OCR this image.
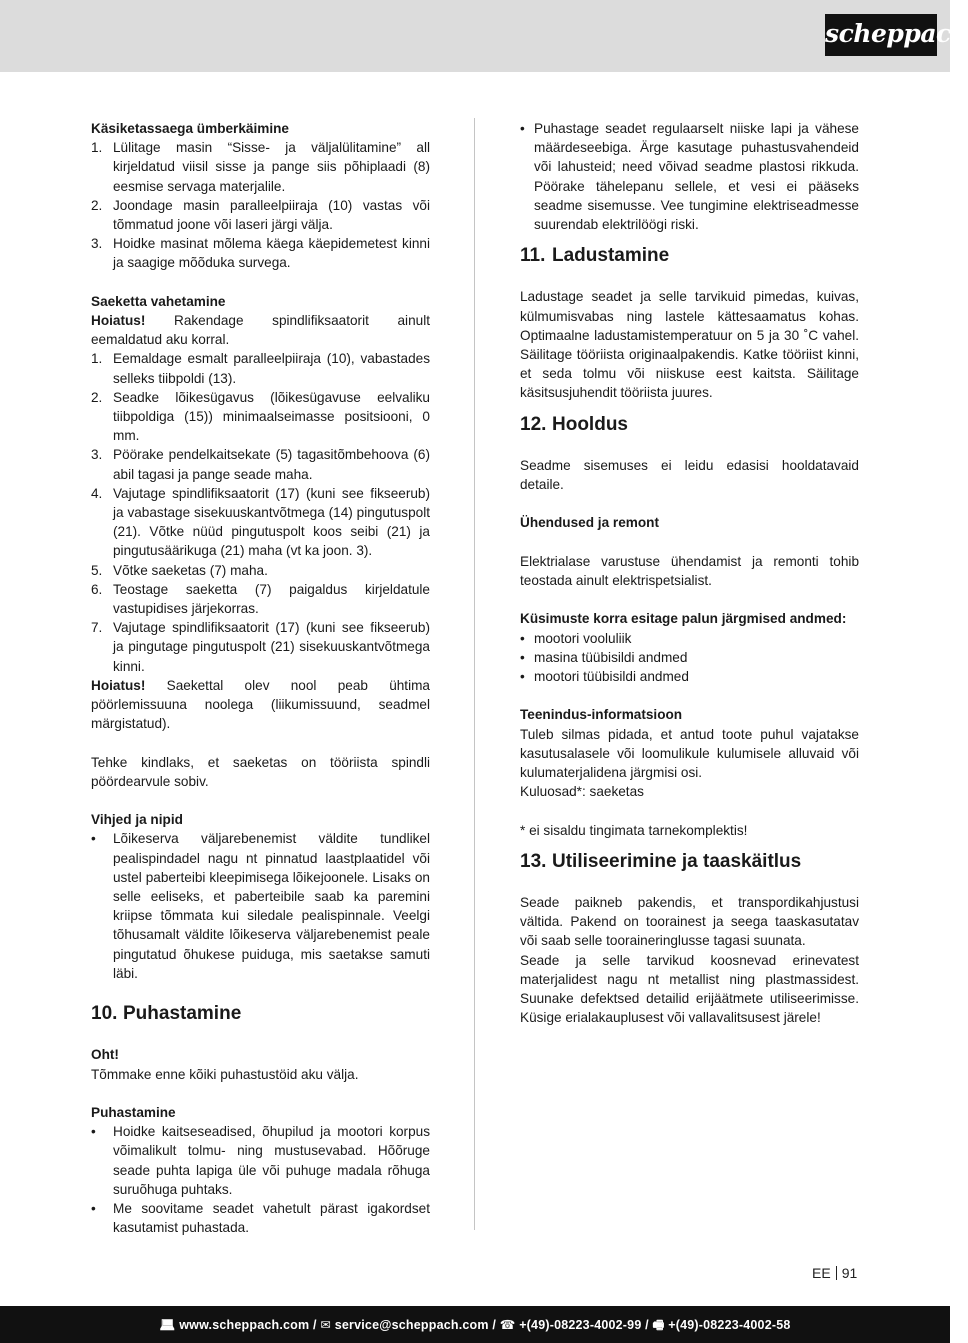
scheppach

Käsiketassaega ümberkäimine

1. Lülitage masin “Sisse- ja väljalülitamine” all kirjeldatud viisil sisse ja pange siis põhiplaadi (8) eesmise servaga materjalile.
2. Joondage masin paralleelpiiraja (10) vastas või tõmmatud joone või laseri järgi välja.
3. Hoidke masinat mõlema käega käepidemetest kinni ja saagige mõõduka survega.

Saeketta vahetamine

Hoiatus! Rakendage spindlifiksaatorit ainult eemaldatud aku korral.

1. Eemaldage esmalt paralleelpiiraja (10), vabastades selleks tiibpoldi (13).
2. Seadke lõikesügavus (lõikesügavuse eelvaliku tiibpoldiga (15)) minimaalseimasse positsiooni, 0 mm.
3. Pöörake pendelkaitsekate (5) tagasitõmbehoova (6) abil tagasi ja pange seade maha.
4. Vajutage spindlifiksaatorit (17) (kuni see fikseerub) ja vabastage sisekuuskantvõtmega (14) pingutuspolt (21). Võtke nüüd pingutuspolt koos seibi (21) ja pingutusäärikuga (21) maha (vt ka joon. 3).
5. Võtke saeketas (7) maha.
6. Teostage saeketta (7) paigaldus kirjeldatule vastupidises järjekorras.
7. Vajutage spindlifiksaatorit (17) (kuni see fikseerub) ja pingutage pingutuspolt (21) sisekuuskantvõtmega kinni.

Hoiatus! Saekettal olev nool peab ühtima pöörlemissuuna noolega (liikumissuund, seadmel märgistatud).

Tehke kindlaks, et saeketas on tööriista spindli pöördearvule sobiv.

Vihjed ja nipid

• Lõikeserva väljarebenemist väldite tundlikel pealispindadel nagu nt pinnatud laastplaatidel või ustel paberteibi kleepimisega lõikejoonele. Lisaks on selle eeliseks, et paberteibile saab ka paremini kriipse tõmmata kui siledale pealispinnale. Veelgi tõhusamalt väldite lõikeserva väljarebenemist peale pingutatud õhukese puiduga, mis saetakse samuti läbi.

10. Puhastamine

Oht!

Tõmmake enne kõiki puhastustöid aku välja.

Puhastamine

• Hoidke kaitseseadised, õhupilud ja mootori korpus võimalikult tolmu- ning mustusevabad. Hõõruge seade puhta lapiga üle või puhuge madala rõhuga suruõhuga puhtaks.
• Me soovitame seadet vahetult pärast igakordset kasutamist puhastada.
• Puhastage seadet regulaarselt niiske lapi ja vähese määrdeseebiga. Ärge kasutage puhastusvahendeid või lahusteid; need võivad seadme plastosi rikkuda. Pöörake tähelepanu sellele, et vesi ei pääseks seadme sisemusse. Vee tungimine elektriseadmesse suurendab elektrilöögi riski.

11. Ladustamine

Ladustage seadet ja selle tarvikuid pimedas, kuivas, külmumisvabas ning lastele kättesaamatus kohas. Optimaalne ladustamistemperatuur on 5 ja 30 ˚C vahel. Säilitage tööriista originaalpakendis. Katke tööriist kinni, et seda tolmu või niiskuse eest kaitsta. Säilitage käsitsusjuhendit tööriista juures.

12. Hooldus

Seadme sisemuses ei leidu edasisi hooldatavaid detaile.

Ühendused ja remont

Elektrialase varustuse ühendamist ja remonti tohib teostada ainult elektrispetsialist.

Küsimuste korra esitage palun järgmised andmed:

• mootori vooluliik
• masina tüübisildi andmed
• mootori tüübisildi andmed

Teenindus-informatsioon

Tuleb silmas pidada, et antud toote puhul vajatakse kasutusalasele või loomulikule kulumisele alluvaid või kulumaterjalidena järgmisi osi.

Kuluosad*: saeketas

* ei sisaldu tingimata tarnekomplektis!

13. Utiliseerimine ja taaskäitlus

Seade paikneb pakendis, et transpordikahjustusi vältida. Pakend on toorainest ja seega taaskasutatav või saab selle tooraineringlusse tagasi suunata.

Seade ja selle tarvikud koosnevad erinevatest materjalidest nagu nt metallist ning plastmassidest. Suunake defektsed detailid erijäätmete utiliseerimisse. Küsige erialakauplusest või vallavalitsusest järele!

EE 91
💻︎ www.scheppach.com / ✉︎ service@scheppach.com / ☎︎ +(49)-08223-4002-99 / 🖷︎ +(49)-08223-4002-58
